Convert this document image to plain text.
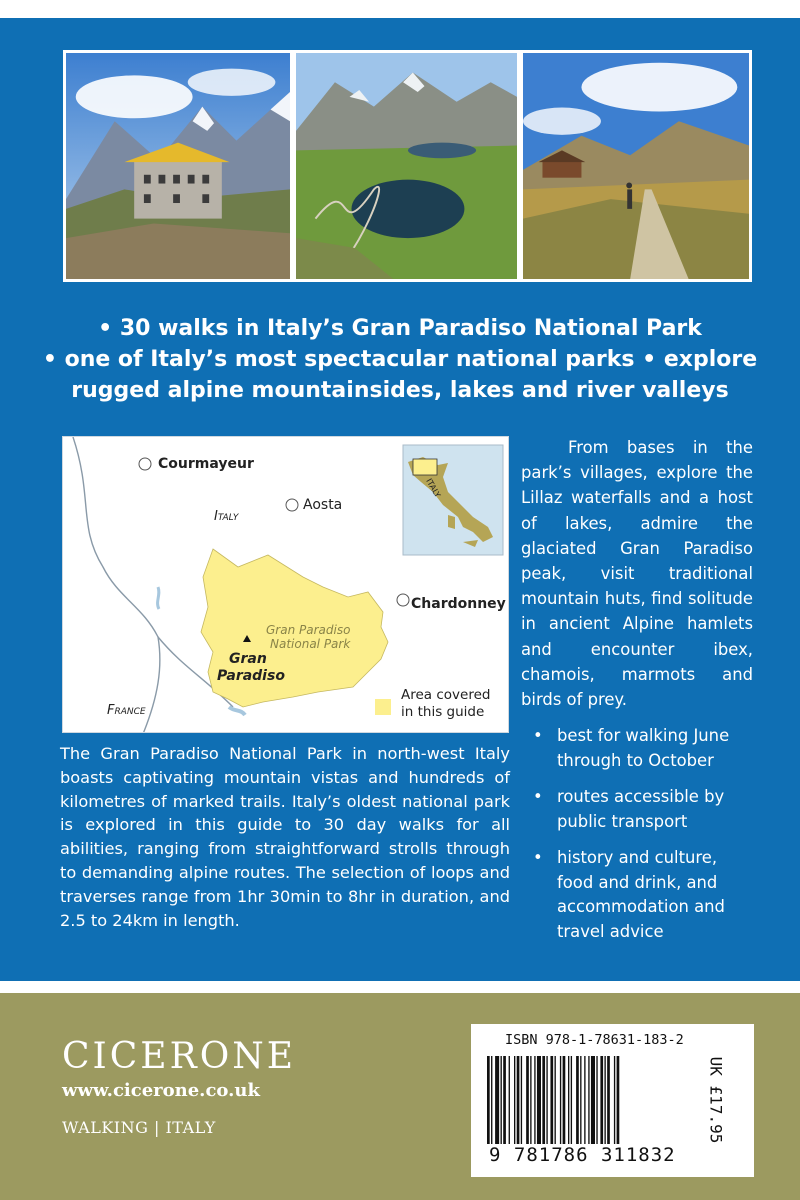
• 30 walks in Italy’s Gran Paradiso National Park
• one of Italy’s most spectacular national parks • explore
rugged alpine mountainsides, lakes and river valleys
Courmayeur
Aosta
Italy
Chardonney
Gran Paradiso
National Park
Gran
Paradiso
France
Area covered
in this guide
ITALY
The Gran Paradiso National Park in north-west Italy boasts captivating mountain vistas and hundreds of kilometres of marked trails. Italy’s oldest national park is explored in this guide to 30 day walks for all abilities, ranging from straightforward strolls through to demanding alpine routes. The selection of loops and traverses range from 1hr 30min to 8hr in duration, and 2.5 to 24km in length.

From bases in the park’s villages, explore the Lillaz waterfalls and a host of lakes, admire the glaciated Gran Paradiso peak, visit traditional mountain huts, find solitude in ancient Alpine hamlets and encounter ibex, chamois, marmots and birds of prey.

• best for walking June through to October
• routes accessible by public transport
• history and culture, food and drink, and accommodation and travel advice
CICERONE
www.cicerone.co.uk
WALKING | ITALY
ISBN 978-1-78631-183-2
9 781786 311832
UK £17.95
